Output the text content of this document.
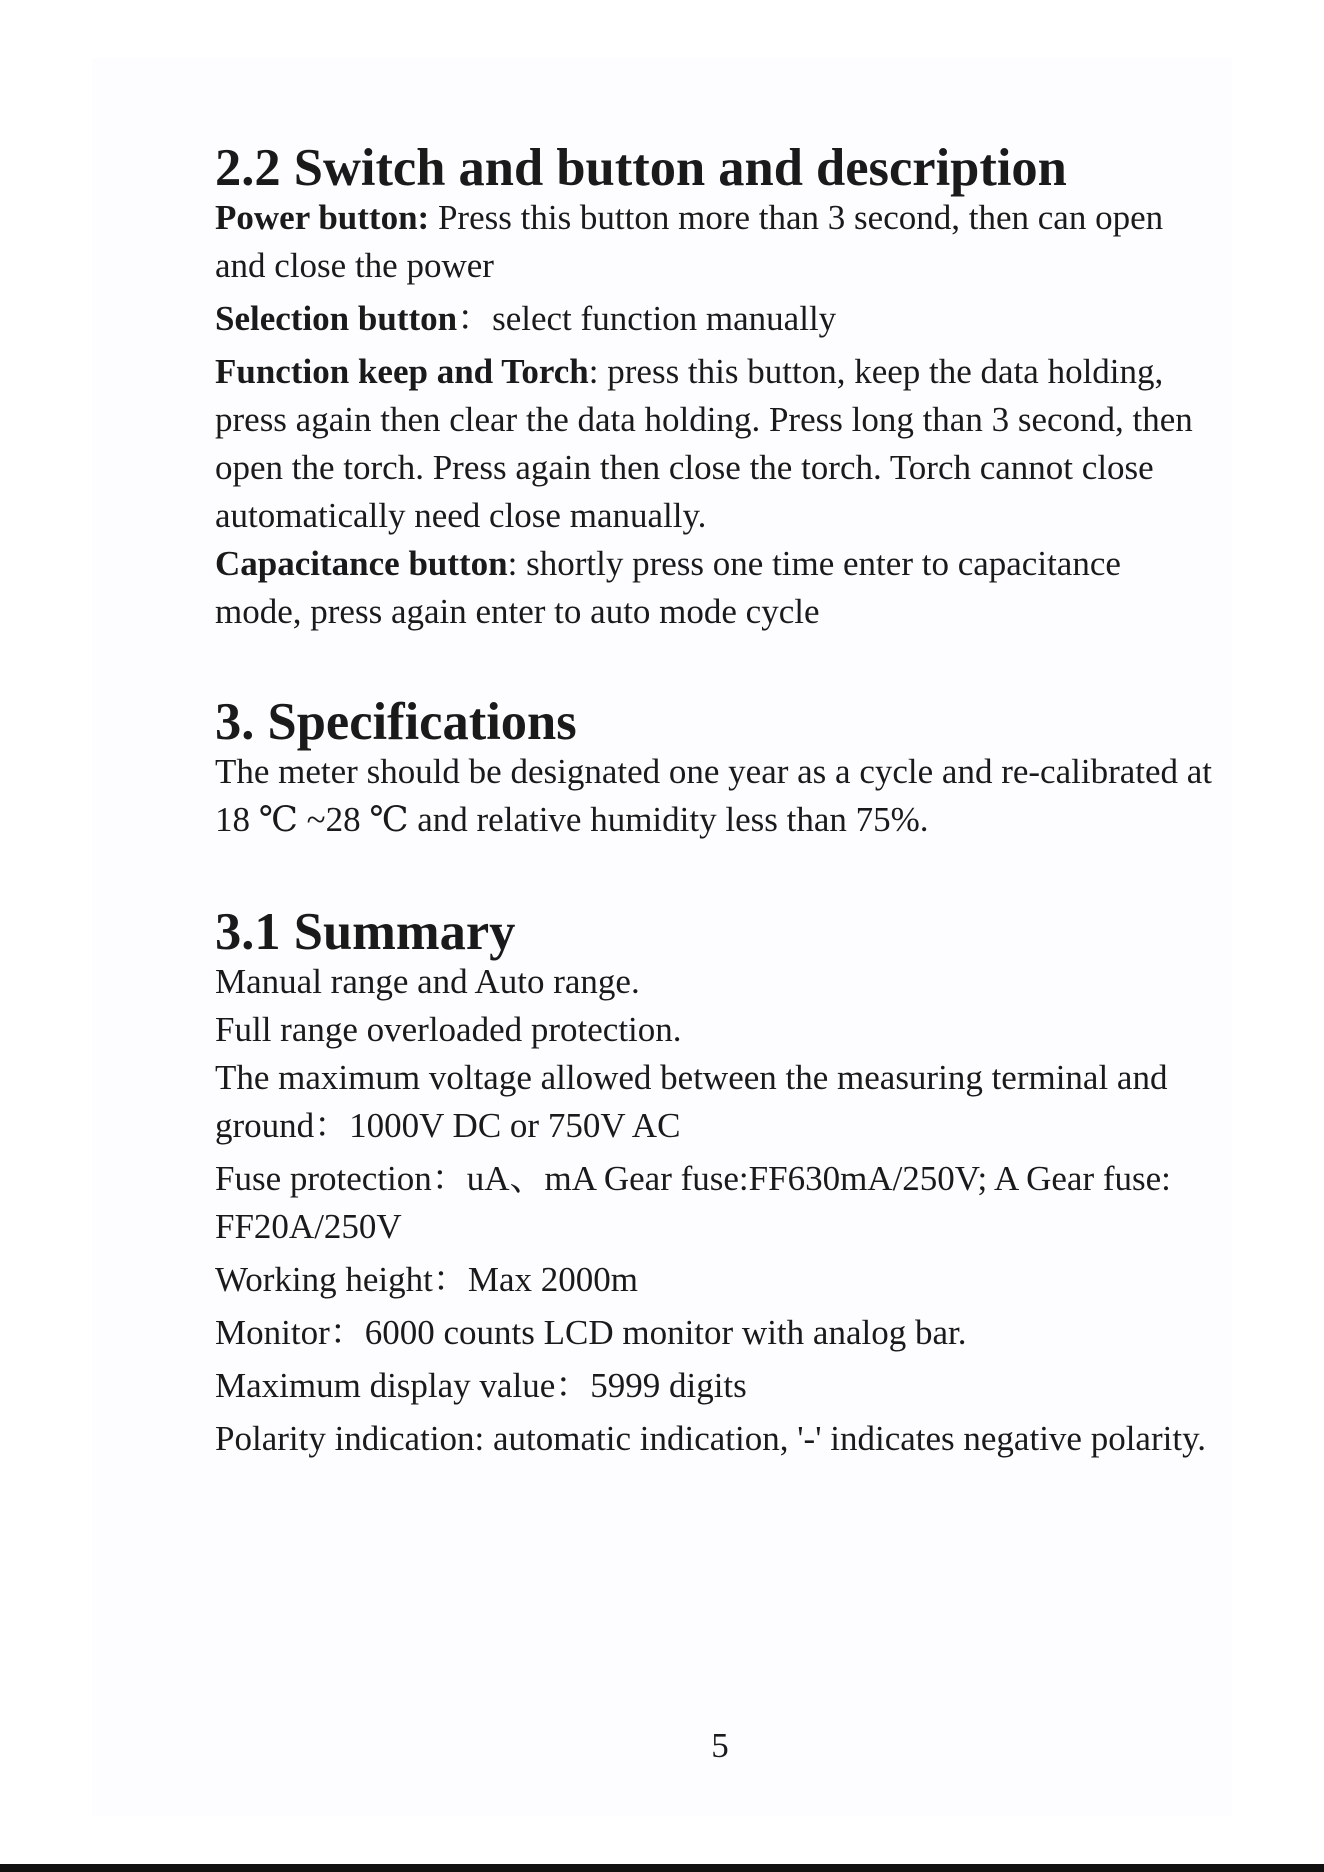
2.2 Switch and button and description

Power button: Press this button more than 3 second, then can open and close the power

Selection button：select function manually

Function keep and Torch: press this button, keep the data holding, press again then clear the data holding. Press long than 3 second, then open the torch. Press again then close the torch. Torch cannot close automatically need close manually.

Capacitance button: shortly press one time enter to capacitance mode, press again enter to auto mode cycle

3. Specifications

The meter should be designated one year as a cycle and re-calibrated at 18 ℃ ~28 ℃ and relative humidity less than 75%.

3.1 Summary

Manual range and Auto range.

Full range overloaded protection.

The maximum voltage allowed between the measuring terminal and ground：1000V DC or 750V AC

Fuse protection：uA、mA Gear fuse:FF630mA/250V; A Gear fuse: FF20A/250V

Working height：Max 2000m

Monitor：6000 counts LCD monitor with analog bar.

Maximum display value：5999 digits

Polarity indication: automatic indication, '-' indicates negative polarity.

5
